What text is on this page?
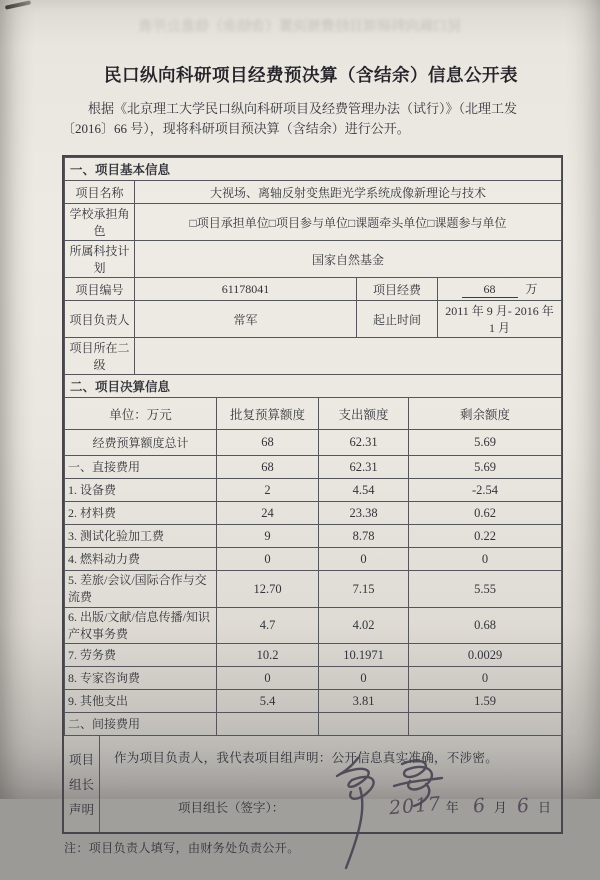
民口纵向科研项目经费预决算（含结余）信息公开表
民口纵向科研项目经费预决算（含结余）信息公开表

根据《北京理工大学民口纵向科研项目及经费管理办法（试行）》（北理工发〔2016〕66 号），现将科研项目预决算（含结余）进行公开。

一、项目基本信息			
项目名称	大视场、离轴反射变焦距光学系统成像新理论与技术		
学校承担角色	□项目承担单位□项目参与单位□课题牵头单位□课题参与单位		
所属科技计划	国家自然基金		
项目编号	61178041	项目经费	68 万
项目负责人	常军	起止时间	2011 年 9 月- 2016 年 1 月
项目所在二级			
二、项目决算信息			
单位：万元	批复预算额度	支出额度	剩余额度
经费预算额度总计	68	62.31	5.69
一、直接费用	68	62.31	5.69
1. 设备费	2	4.54	-2.54
2. 材料费	24	23.38	0.62
3. 测试化验加工费	9	8.78	0.22
4. 燃料动力费	0	0	0
5. 差旅/会议/国际合作与交流费	12.70	7.15	5.55
6. 出版/文献/信息传播/知识产权事务费	4.7	4.02	0.68
7. 劳务费	10.2	10.1971	0.0029
8. 专家咨询费	0	0	0
9. 其他支出	5.4	3.81	1.59
二、间接费用			
项目
组长
声明

作为项目负责人，我代表项目组声明：公开信息真实准确，不涉密。

项目组长（签字）：	2017 年 6 月 6 日

注：项目负责人填写，由财务处负责公开。
